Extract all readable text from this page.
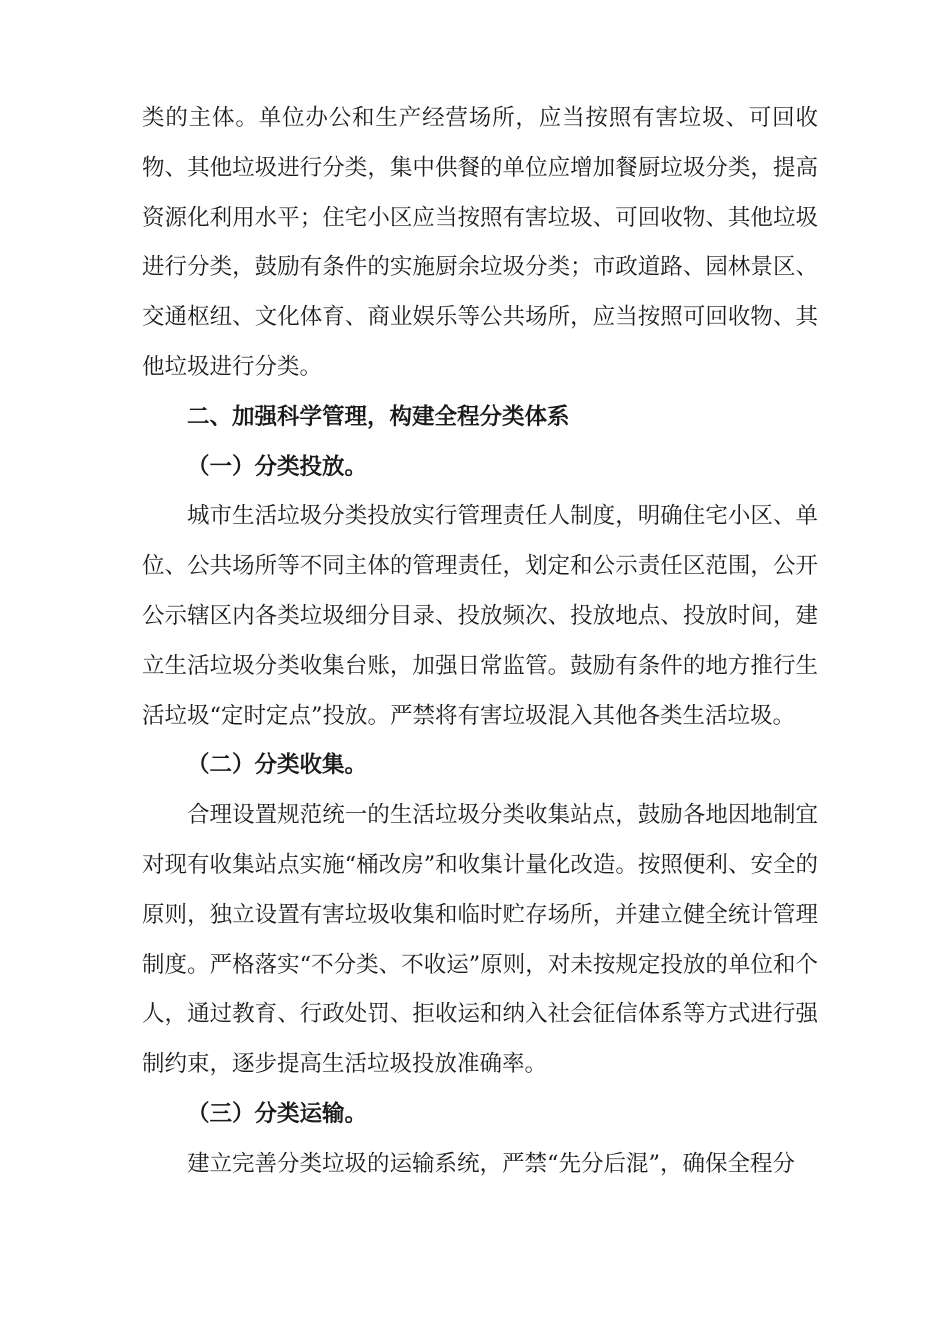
类的主体。单位办公和生产经营场所，应当按照有害垃圾、可回收物、其他垃圾进行分类，集中供餐的单位应增加餐厨垃圾分类，提高资源化利用水平；住宅小区应当按照有害垃圾、可回收物、其他垃圾进行分类，鼓励有条件的实施厨余垃圾分类；市政道路、园林景区、交通枢纽、文化体育、商业娱乐等公共场所，应当按照可回收物、其他垃圾进行分类。

二、加强科学管理，构建全程分类体系

（一）分类投放。

城市生活垃圾分类投放实行管理责任人制度，明确住宅小区、单位、公共场所等不同主体的管理责任，划定和公示责任区范围，公开公示辖区内各类垃圾细分目录、投放频次、投放地点、投放时间，建立生活垃圾分类收集台账，加强日常监管。鼓励有条件的地方推行生活垃圾“定时定点”投放。严禁将有害垃圾混入其他各类生活垃圾。

（二）分类收集。

合理设置规范统一的生活垃圾分类收集站点，鼓励各地因地制宜对现有收集站点实施“桶改房”和收集计量化改造。按照便利、安全的原则，独立设置有害垃圾收集和临时贮存场所，并建立健全统计管理制度。严格落实“不分类、不收运”原则，对未按规定投放的单位和个人，通过教育、行政处罚、拒收运和纳入社会征信体系等方式进行强制约束，逐步提高生活垃圾投放准确率。

（三）分类运输。

建立完善分类垃圾的运输系统，严禁“先分后混”，确保全程分
